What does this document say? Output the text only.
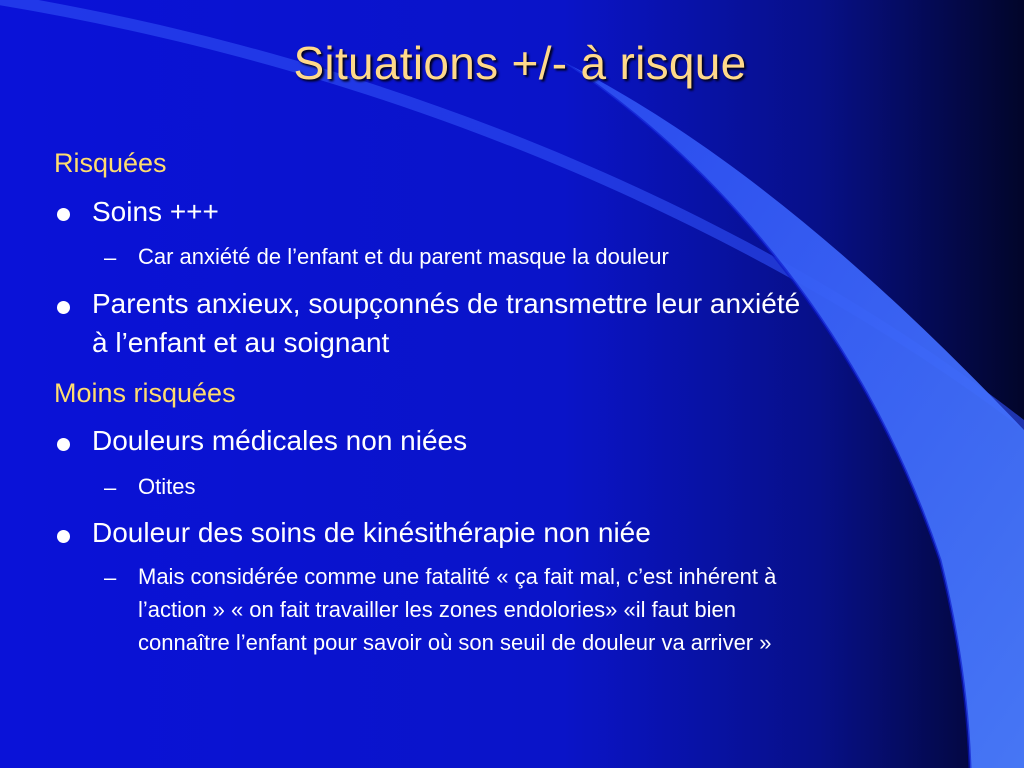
Situations +/- à risque
Risquées
Soins +++
– Car anxiété de l’enfant et du parent masque la douleur
Parents anxieux, soupçonnés de transmettre leur anxiété
à l’enfant et au soignant
Moins risquées
Douleurs médicales non niées
– Otites
Douleur des soins de kinésithérapie non niée
– Mais considérée comme une fatalité « ça fait mal, c’est inhérent à
l’action » « on fait travailler les zones endolories» «il faut bien
connaître l’enfant pour savoir où son seuil de douleur va arriver »
